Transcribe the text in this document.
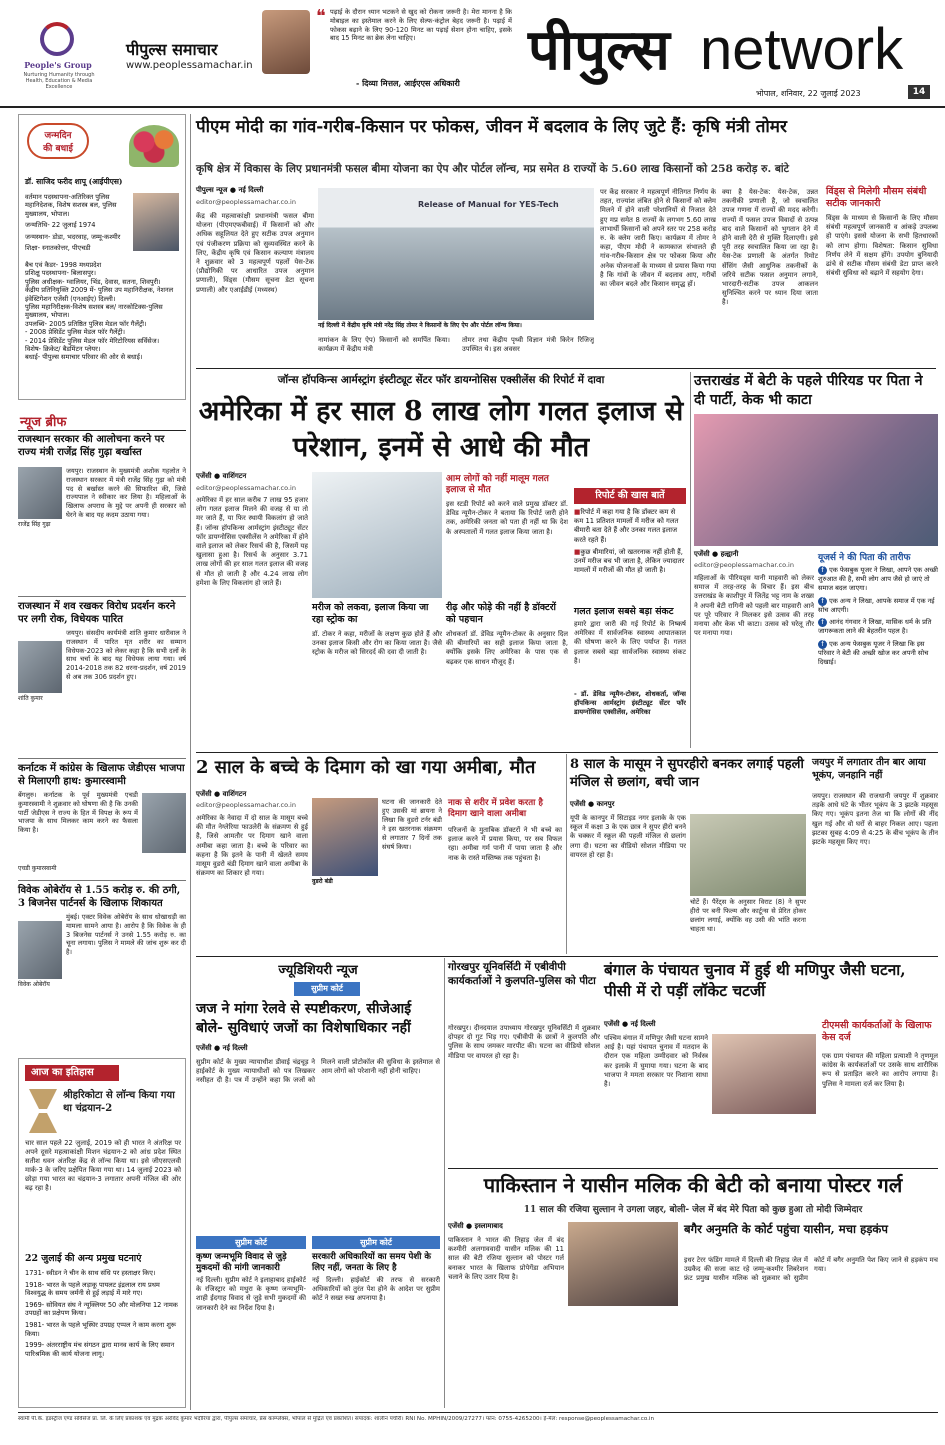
People's Group
Nurturing Humanity through Health, Education & Media Excellence
पीपुल्स समाचार
www.peoplessamachar.in
❝ पढ़ाई के दौरान ध्यान भटकने से खुद को रोकना जरूरी है। मेरा मानना है कि मोबाइल का इस्तेमाल करने के लिए सेल्फ-कंट्रोल बेहद जरूरी है। पढ़ाई में फोकस बढ़ाने के लिए 90-120 मिनट का पढ़ाई सेशन होना चाहिए, इसके बाद 15 मिनट का ब्रेक लेना चाहिए।
- दिव्या मित्तल, आईएएस अधिकारी पीपुल्स network
भोपाल, शनिवार, 22 जुलाई 2023	14
जन्मदिन
की बधाई
डॉ. साजिद फरीद शापू (आईपीएस)
वर्तमान पदस्थापना-अतिरिक्त पुलिस महानिदेशक, विशेष सशस्त्र बल, पुलिस मुख्यालय, भोपाल।
जन्मतिथि- 22 जुलाई 1974
जन्मस्थान- डोडा, भदरवाह, जम्मू-कश्मीर
शिक्षा- स्नातकोत्तर, पीएचडी
बैच एवं कैडर- 1998 मध्यप्रदेश
प्रशिक्षु पदस्थापना- बिलासपुर।
पुलिस अधीक्षक- ग्वालियर, भिंड, देवास, सतना, शिवपुरी।
केंद्रीय प्रतिनियुक्ति 2009 में- पुलिस उप महानिरीक्षक, नेशनल इंवेस्टिगेशन एजेंसी (एनआईए) दिल्ली।
पुलिस महानिरीक्षक-विशेष सशस्त्र बल/ नारकोटिक्स-पुलिस मुख्यालय, भोपाल।
उपलब्धि- 2005 प्रतिष्ठित पुलिस मेडल फॉर गैलेंट्री।
- 2008 प्रेसिडेंट पुलिस मेडल फॉर गैलेंट्री।
- 2014 प्रेसिडेंट पुलिस मेडल फॉर मेरिटोरियस सर्विसेज।
विशेष- क्रिकेट/ बैडमिंटन प्लेयर।
बधाई- पीपुल्स समाचार परिवार की ओर से बधाई।
न्यूज ब्रीफ
राजस्थान सरकार की आलोचना करने पर राज्य मंत्री राजेंद्र सिंह गुढ़ा बर्खास्त
राजेंद्र सिंह गुढ़ा
जयपुर। राजस्थान के मुख्यमंत्री अशोक गहलोत ने राजस्थान सरकार में मंत्री राजेंद्र सिंह गुढ़ा को मंत्री पद से बर्खास्त करने की सिफारिश की, जिसे राज्यपाल ने स्वीकार कर लिया है। महिलाओं के खिलाफ अपराध के मुद्दे पर अपनी ही सरकार को घेरने के बाद यह कदम उठाया गया।
राजस्थान में शव रखकर विरोध प्रदर्शन करने पर लगी रोक, विधेयक पारित
शांति कुमार
जयपुर। संसदीय कार्यमंत्री शांति कुमार धारीवाल ने राजस्थान में पारित मृत शरीर का सम्मान विधेयक-2023 को लेकर कहा है कि सभी दलों के साथ चर्चा के बाद यह विधेयक लाया गया। वर्ष 2014-2018 तक 82 धरना-प्रदर्शन, वर्ष 2019 से अब तक 306 प्रदर्शन हुए।
कर्नाटक में कांग्रेस के खिलाफ जेडीएस भाजपा से मिलाएगी हाथ: कुमारस्वामी
बेंगलुरु। कर्नाटक के पूर्व मुख्यमंत्री एचडी कुमारस्वामी ने शुक्रवार को घोषणा की है कि उनकी पार्टी जेडीएस ने राज्य के हित में विपक्ष के रूप में भाजपा के साथ मिलकर काम करने का फैसला किया है।
एचडी कुमारस्वामी
विवेक ओबेरॉय से 1.55 करोड़ रु. की ठगी, 3 बिजनेस पार्टनर्स के खिलाफ शिकायत
विवेक ओबेरॉय
मुंबई। एक्टर विवेक ओबेरॉय के साथ धोखाधड़ी का मामला सामने आया है। आरोप है कि विवेक के ही 3 बिजनेस पार्टनर्स ने उनसे 1.55 करोड़ रु. का चूना लगाया। पुलिस ने मामले की जांच शुरू कर दी है।
आज का इतिहास
श्रीहरिकोटा से लॉन्च किया गया था चंद्रयान-2
चार साल पहले 22 जुलाई, 2019 को ही भारत ने अंतरिक्ष पर अपने दूसरे महत्वाकांक्षी मिशन चंद्रयान-2 को आंध्र प्रदेश स्थित सतीश धवन अंतरिक्ष केंद्र से लॉन्च किया था। इसे जीएसएलवी मार्क-3 के जरिए प्रक्षेपित किया गया था। 14 जुलाई 2023 को छोड़ा गया भारत का चंद्रयान-3 लगातार अपनी मंजिल की ओर बढ़ रहा है।
22 जुलाई की अन्य प्रमुख घटनाएं
1731- स्वीडन ने चीन के साथ संधि पर हस्ताक्षर किए।
1918- भारत के पहले लड़ाकू पायलट इंद्रलाल राय प्रथम विश्वयुद्ध के समय जर्मनी से हुई लड़ाई में मारे गए।
1969- सोवियत संघ ने न्यूक्लियर 50 और मोलनिया 12 नामक उपग्रहों का प्रक्षेपण किया।
1981- भारत के पहले भूस्थिर उपग्रह एप्पल ने काम करना शुरू किया।
1999- अंतरराष्ट्रीय मंच संगठन द्वारा मानव कार्य के लिए समान पारिश्रमिक की कार्य योजना लागू।
पीएम मोदी का गांव-गरीब-किसान पर फोकस, जीवन में बदलाव के लिए जुटे हैं: कृषि मंत्री तोमर
कृषि क्षेत्र में विकास के लिए प्रधानमंत्री फसल बीमा योजना का ऐप और पोर्टल लॉन्च, मप्र समेत 8 राज्यों के 5.60 लाख किसानों को 258 करोड़ रु. बांटे
पीपुल्स न्यूज ● नई दिल्ली
editor@peoplessamachar.co.in
केंद्र की महत्वाकांक्षी प्रधानमंत्री फसल बीमा योजना (पीएमएफबीवाई) में किसानों को और अधिक सहूलियत देते हुए सटीक उपज अनुमान एवं पंजीकरण प्रक्रिया को सुव्यवस्थित करने के लिए, केंद्रीय कृषि एवं किसान कल्याण मंत्रालय ने शुक्रवार को 3 महत्वपूर्ण पहलों येस-टेक (प्रौद्योगिकी पर आधारित उपज अनुमान प्रणाली), विंड्स (मौसम सूचना डेटा सूचना प्रणाली) और एआईडीई (मध्यस्थ)
Release of Manual for YES-Tech
नई दिल्ली में केंद्रीय कृषि मंत्री नरेंद्र सिंह तोमर ने किसानों के लिए ऐप और पोर्टल लॉन्च किया।
नामांकन के लिए ऐप) किसानों को समर्पित किया। कार्यक्रम में केंद्रीय मंत्री
तोमर तथा केंद्रीय पृथ्वी विज्ञान मंत्री किरेन रिजिजू उपस्थित थे। इस अवसर
पर केंद्र सरकार ने महत्वपूर्ण नीतिगत निर्णय के तहत, राज्यांश लंबित होने से किसानों को क्लेम मिलने में होने वाली परेशानियों से निजात देते हुए मप्र समेत 8 राज्यों के लगभग 5.60 लाख लाभार्थी किसानों को अपने स्तर पर 258 करोड़ रु. के क्लेम जारी किए। कार्यक्रम में तोमर ने कहा, पीएम मोदी ने कामकाज संभालते ही गांव-गरीब-किसान क्षेत्र पर फोकस किया और अनेक योजनाओं के माध्यम से प्रयास किया गया है कि गांवों के जीवन में बदलाव आए, गरीबों का जीवन बदले और किसान समृद्ध हों।
क्या है येस-टेक: येस-टेक, उन्नत तकनीकी प्रणाली है, जो स्वचालित उपज गणना में राज्यों की मदद करेगी। राज्यों में फसल उपज विवादों से उत्पन्न बाद वाले किसानों को भुगतान देने में होने वाली देरी से मुक्ति दिलाएगी। इसे पूरी तरह स्वचालित किया जा रहा है। येस-टेक प्रणाली के अंतर्गत रिमोट सेंसिंग जैसी आधुनिक तकनीकों के जरिये सटीक फसल अनुमान लगाने, भारदारी-सटीक उपज आकलन सुनिश्चित करने पर ध्यान दिया जाता है।
विंड्स से मिलेगी मौसम संबंधी सटीक जानकारी
विंड्स के माध्यम से किसानों के लिए मौसम संबंधी महत्वपूर्ण जानकारी व आंकड़े उपलब्ध हो पाएंगे। इससे योजना के सभी हितधारकों को लाभ होगा। विशेषता: किसान सुविधा निर्णय लेने में सक्षम होंगे। उपयोग बुनियादी ढांचे से सटीक मौसम संबंधी डेटा प्राप्त करने संबंधी सुविधा को बढ़ाने में सहयोग देगा।
जॉन्स हॉपकिन्स आर्मस्ट्रांग इंस्टीट्यूट सेंटर फॉर डायग्नोसिस एक्सीलेंस की रिपोर्ट में दावा
अमेरिका में हर साल 8 लाख लोग गलत इलाज से परेशान, इनमें से आधे की मौत
एजेंसी ● वाशिंगटन
editor@peoplessamachar.co.in
अमेरिका में हर साल करीब 7 लाख 95 हजार लोग गलत इलाज मिलने की वजह से या तो मर जाते हैं, या फिर स्थायी विकलांग हो जाते हैं। जॉन्स हॉपकिन्स आर्मस्ट्रांग इंस्टीट्यूट सेंटर फॉर डायग्नोसिस एक्सीलेंस ने अमेरिका में होने वाले इलाज को लेकर रिसर्च की है, जिसमें यह खुलासा हुआ है। रिसर्च के अनुसार 3.71 लाख लोगों की हर साल गलत इलाज की वजह से मौत हो जाती है और 4.24 लाख लोग हमेशा के लिए विकलांग हो जाते हैं।
आम लोगों को नहीं मालूम गलत इलाज से मौत
इस स्टडी रिपोर्ट को करने वाले प्रमुख डॉक्टर डॉ. डेविड न्यूमैन-टोकर ने बताया कि रिपोर्ट जारी होने तक, अमेरिकी जनता को पता ही नहीं था कि देश के अस्पतालों में गलत इलाज किया जाता है।
मरीज को लकवा, इलाज किया जा रहा स्ट्रोक का
डॉ. टोकर ने कहा, मरीजों के लक्षण कुछ होते हैं और उनका इलाज किसी और रोग का किया जाता है। जैसे स्ट्रोक के मरीज को सिरदर्द की दवा दी जाती है।
रीढ़ और फोड़े की नहीं है डॉक्टरों को पहचान
शोधकर्ता डॉ. डेविड न्यूमैन-टोकर के अनुसार दिल की बीमारियों का सही इलाज किया जाता है, क्योंकि इसके लिए अमेरिका के पास एक से बढ़कर एक साधन मौजूद हैं।
रिपोर्ट की खास बातें
■ रिपोर्ट में कहा गया है कि डॉक्टर कम से कम 11 प्रतिशत मामलों में मरीज को गलत बीमारी बता देते हैं और उनका गलत इलाज करते रहते हैं।
■ कुछ बीमारियां, जो खतरनाक नहीं होती हैं, उनमें मरीज बच भी जाता है, लेकिन ज्यादातर मामलों में मरीजों की मौत हो जाती है।
गलत इलाज सबसे बड़ा संकट
हमारे द्वारा जारी की गई रिपोर्ट के निष्कर्ष अमेरिका में सार्वजनिक स्वास्थ्य आपातकाल की घोषणा करने के लिए पर्याप्त हैं। गलत इलाज सबसे बड़ा सार्वजनिक स्वास्थ्य संकट है।
- डॉ. डेविड न्यूमैन-टोकर, शोधकर्ता, जॉन्स हॉपकिन्स आर्मस्ट्रांग इंस्टीट्यूट सेंटर फॉर डायग्नोसिस एक्सीलेंस, अमेरिका
उत्तराखंड में बेटी के पहले पीरियड पर पिता ने दी पार्टी, केक भी काटा
एजेंसी ● हल्द्वानी
editor@peoplessamachar.co.in
महिलाओं के पीरियड्स यानी माहवारी को लेकर समाज में तरह-तरह के विचार हैं। इस बीच उत्तराखंड के काशीपुर में जितेंद्र भट्ट नाम के शख्स ने अपनी बेटी रागिनी को पहली बार माहवारी आने पर पूरे परिवार ने मिलकर इसे उत्सव की तरह मनाया और केक भी काटा। उत्सव को घरेलू तौर पर मनाया गया।
यूजर्स ने की पिता की तारीफ
f एक फेसबुक यूजर ने लिखा, आपने एक अच्छी शुरुआत की है, सभी लोग आप जैसे हो जाएं तो समाज बदल जाएगा।
f एक अन्य ने लिखा, आपके समाज में एक नई सोच आएगी।
f आनंद गंगवार ने लिखा, मासिक धर्म के प्रति जागरूकता लाने की बेहतरीन पहल है।
f एक अन्य फेसबुक यूजर ने लिखा कि इस परिवार ने बेटी की अच्छी खोज कर अपनी सोच दिखाई।
2 साल के बच्चे के दिमाग को खा गया अमीबा, मौत
एजेंसी ● वाशिंगटन
editor@peoplessamachar.co.in
अमेरिका के नेवादा में दो साल के मासूम बच्चे की मौत नेग्लेरिया फाउलेरी के संक्रमण से हुई है, जिसे आमतौर पर दिमाग खाने वाला अमीबा कहा जाता है। बच्चे के परिवार का कहना है कि इतने के पानी में खेलते समय मासूम वुडरो बंडी दिमाग खाने वाला अमीबा के संक्रमण का शिकार हो गया।
वुडरो बंडी
घटना की जानकारी देते हुए उसकी मां ब्रायना ने लिखा कि वुडरो टर्नर बंडी ने इस खतरनाक संक्रमण से लगातार 7 दिनों तक संघर्ष किया।
नाक से शरीर में प्रवेश करता है दिमाग खाने वाला अमीबा
परिजनों के मुताबिक डॉक्टरों ने भी बच्चे का इलाज करने में प्रयास किया, पर सब विफल रहा। अमीबा गर्म पानी में पाया जाता है और नाक के रास्ते मस्तिष्क तक पहुंचता है।
8 साल के मासूम ने सुपरहीरो बनकर लगाई पहली मंजिल से छलांग, बची जान
एजेंसी ● कानपुर
यूपी के कानपुर में सिटाइड नगर इलाके के एक स्कूल में कक्षा 3 के एक छात्र ने सुपर हीरो बनने के चक्कर में स्कूल की पहली मंजिल से छलांग लगा दी। घटना का वीडियो सोशल मीडिया पर वायरल हो रहा है।
चोटें हैं। पैरेंट्स के अनुसार विराट (8) ने सुपर हीरो पर बनी फिल्म और कार्टून्स से प्रेरित होकर छलांग लगाई, क्योंकि वह उसी की भांति करना चाहता था।
जयपुर में लगातार तीन बार आया भूकंप, जनहानि नहीं
जयपुर। राजस्थान की राजधानी जयपुर में शुक्रवार तड़के आधे घंटे के भीतर भूकंप के 3 झटके महसूस किए गए। भूकंप इतना तेज था कि लोगों की नींद खुल गई और वो घरों से बाहर निकल आए। पहला झटका सुबह 4:09 से 4:25 के बीच भूकंप के तीन झटके महसूस किए गए।
ज्यूडिशियरी न्यूज
सुप्रीम कोर्ट
जज ने मांगा रेलवे से स्पष्टीकरण, सीजेआई बोले- सुविधाएं जजों का विशेषाधिकार नहीं
एजेंसी ● नई दिल्ली
सुप्रीम कोर्ट के मुख्य न्यायाधीश डीवाई चंद्रचूड़ ने हाईकोर्ट के मुख्य न्यायाधीशों को पत्र लिखकर नसीहत दी है। पत्र में उन्होंने कहा कि जजों को मिलने वाली प्रोटोकॉल की सुविधा के इस्तेमाल से आम लोगों को परेशानी नहीं होनी चाहिए।
सुप्रीम कोर्ट
कृष्ण जन्मभूमि विवाद से जुड़े मुकदमों की मांगी जानकारी
नई दिल्ली। सुप्रीम कोर्ट ने इलाहाबाद हाईकोर्ट के रजिस्ट्रार को मथुरा के कृष्ण जन्मभूमि-शाही ईदगाह विवाद से जुड़े सभी मुकदमों की जानकारी देने का निर्देश दिया है।
सुप्रीम कोर्ट
सरकारी अधिकारियों का समय पेशी के लिए नहीं, जनता के लिए है
नई दिल्ली। हाईकोर्ट की तरफ से सरकारी अधिकारियों को तुरंत पेश होने के आदेश पर सुप्रीम कोर्ट ने सख्त रुख अपनाया है।
गोरखपुर यूनिवर्सिटी में एबीवीपी कार्यकर्ताओं ने कुलपति-पुलिस को पीटा
गोरखपुर। दीनदयाल उपाध्याय गोरखपुर यूनिवर्सिटी में शुक्रवार दोपहर दो गुट भिड़ गए। एबीवीपी के छात्रों ने कुलपति और पुलिस के साथ जमकर मारपीट की। घटना का वीडियो सोशल मीडिया पर वायरल हो रहा है।
बंगाल के पंचायत चुनाव में हुई थी मणिपुर जैसी घटना, पीसी में रो पड़ीं लॉकेट चटर्जी
एजेंसी ● नई दिल्ली
पश्चिम बंगाल में मणिपुर जैसी घटना सामने आई है। यहां पंचायत चुनाव में मतदान के दौरान एक महिला उम्मीदवार को निर्वस्त्र कर इलाके में घुमाया गया। घटना के बाद भाजपा ने ममता सरकार पर निशाना साधा है।
टीएमसी कार्यकर्ताओं के खिलाफ केस दर्ज
एक ग्राम पंचायत की महिला प्रत्याशी ने तृणमूल कांग्रेस के कार्यकर्ताओं पर उसके साथ शारीरिक रूप से प्रताड़ित करने का आरोप लगाया है। पुलिस ने मामला दर्ज कर लिया है।
पाकिस्तान ने यासीन मलिक की बेटी को बनाया पोस्टर गर्ल
11 साल की रजिया सुल्तान ने उगला जहर, बोली- जेल में बंद मेरे पिता को कुछ हुआ तो मोदी जिम्मेदार
एजेंसी ● इस्लामाबाद
पाकिस्तान ने भारत की तिहाड़ जेल में बंद कश्मीरी अलगाववादी यासीन मलिक की 11 साल की बेटी रजिया सुल्तान को पोस्टर गर्ल बनाकर भारत के खिलाफ प्रोपेगेंडा अभियान चलाने के लिए उतार दिया है।
बगैर अनुमति के कोर्ट पहुंचा यासीन, मचा हड़कंप
इधर टेरर फंडिंग मामले में दिल्ली की तिहाड़ जेल में उम्रकैद की सजा काट रहे जम्मू-कश्मीर लिबरेशन फ्रंट प्रमुख यासीन मलिक को शुक्रवार को सुप्रीम कोर्ट में बगैर अनुमति पेश किए जाने से हड़कंप मच गया।
स्वामी पी.के. इंडस्ट्रीज एण्ड सर्विसेज प्रा. लि. के लिए प्रकाशक एवं मुद्रक अरविंद कुमार भदौरिया द्वारा, पीपुल्स समाचार, प्रेस काम्प्लेक्स, भोपाल से मुद्रित एवं प्रकाशित। संपादक: शालीन पचौरी। RNI No. MPHIN/2009/27277। फोन: 0755-4265200। ई-मेल: response@peoplessamachar.co.in
